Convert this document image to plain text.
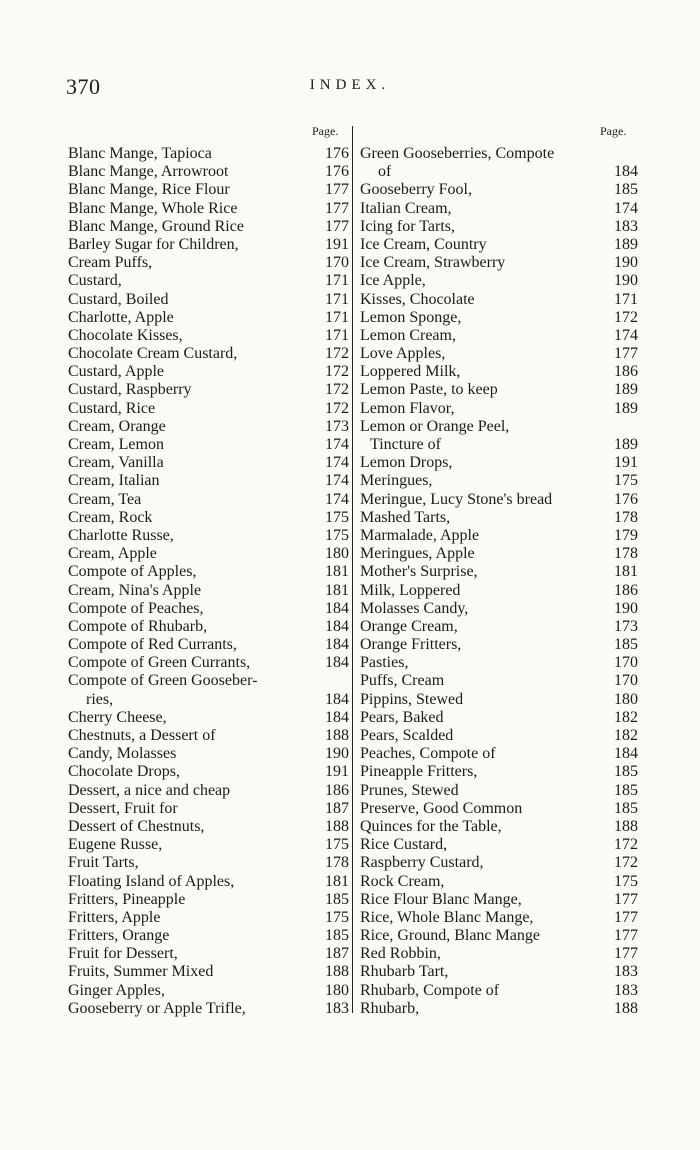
370	INDEX.
Page.	Page.
Blanc Mange, Tapioca	176
Blanc Mange, Arrowroot	176
Blanc Mange, Rice Flour	177
Blanc Mange, Whole Rice	177
Blanc Mange, Ground Rice	177
Barley Sugar for Children,	191
Cream Puffs,	170
Custard,	171
Custard, Boiled	171
Charlotte, Apple	171
Chocolate Kisses,	171
Chocolate Cream Custard,	172
Custard, Apple	172
Custard, Raspberry	172
Custard, Rice	172
Cream, Orange	173
Cream, Lemon	174
Cream, Vanilla	174
Cream, Italian	174
Cream, Tea	174
Cream, Rock	175
Charlotte Russe,	175
Cream, Apple	180
Compote of Apples,	181
Cream, Nina's Apple	181
Compote of Peaches,	184
Compote of Rhubarb,	184
Compote of Red Currants,	184
Compote of Green Currants,	184
Compote of Green Gooseber-
ries,	184
Cherry Cheese,	184
Chestnuts, a Dessert of	188
Candy, Molasses	190
Chocolate Drops,	191
Dessert, a nice and cheap	186
Dessert, Fruit for	187
Dessert of Chestnuts,	188
Eugene Russe,	175
Fruit Tarts,	178
Floating Island of Apples,	181
Fritters, Pineapple	185
Fritters, Apple	175
Fritters, Orange	185
Fruit for Dessert,	187
Fruits, Summer Mixed	188
Ginger Apples,	180
Gooseberry or Apple Trifle,	183
Green Gooseberries, Compote
of	184
Gooseberry Fool,	185
Italian Cream,	174
Icing for Tarts,	183
Ice Cream, Country	189
Ice Cream, Strawberry	190
Ice Apple,	190
Kisses, Chocolate	171
Lemon Sponge,	172
Lemon Cream,	174
Love Apples,	177
Loppered Milk,	186
Lemon Paste, to keep	189
Lemon Flavor,	189
Lemon or Orange Peel,
Tincture of	189
Lemon Drops,	191
Meringues,	175
Meringue, Lucy Stone's bread	176
Mashed Tarts,	178
Marmalade, Apple	179
Meringues, Apple	178
Mother's Surprise,	181
Milk, Loppered	186
Molasses Candy,	190
Orange Cream,	173
Orange Fritters,	185
Pasties,	170
Puffs, Cream	170
Pippins, Stewed	180
Pears, Baked	182
Pears, Scalded	182
Peaches, Compote of	184
Pineapple Fritters,	185
Prunes, Stewed	185
Preserve, Good Common	185
Quinces for the Table,	188
Rice Custard,	172
Raspberry Custard,	172
Rock Cream,	175
Rice Flour Blanc Mange,	177
Rice, Whole Blanc Mange,	177
Rice, Ground, Blanc Mange	177
Red Robbin,	177
Rhubarb Tart,	183
Rhubarb, Compote of	183
Rhubarb,	188
